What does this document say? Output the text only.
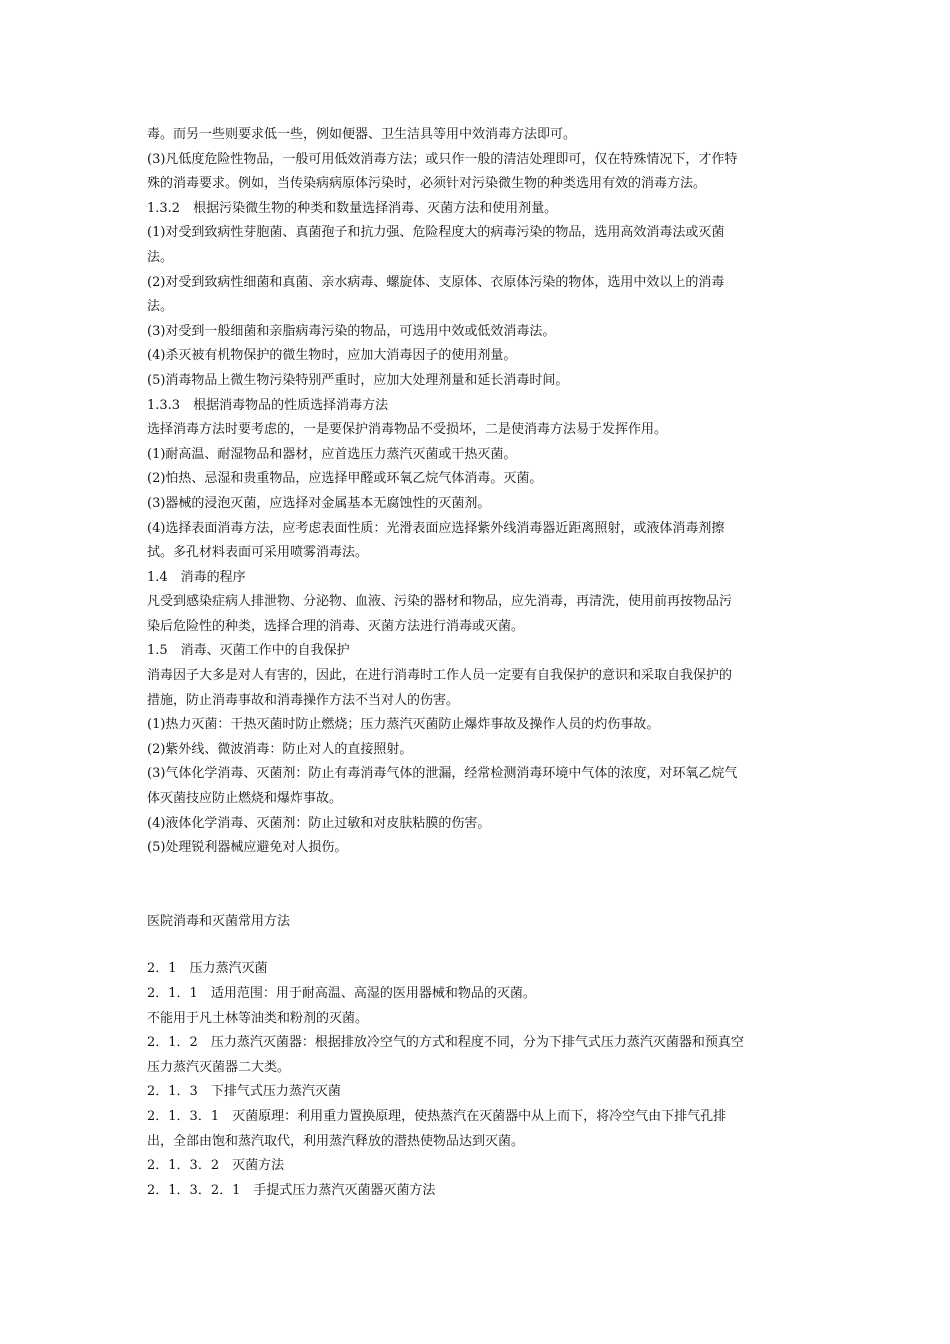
毒。而另一些则要求低一些，例如便器、卫生洁具等用中效消毒方法即可。
(3)凡低度危险性物品，一般可用低效消毒方法；或只作一般的清洁处理即可，仅在特殊情况下，才作特
殊的消毒要求。例如，当传染病病原体污染时，必须针对污染微生物的种类选用有效的消毒方法。
1.3.2　根据污染微生物的种类和数量选择消毒、灭菌方法和使用剂量。
(1)对受到致病性芽胞菌、真菌孢子和抗力强、危险程度大的病毒污染的物品，选用高效消毒法或灭菌
法。
(2)对受到致病性细菌和真菌、亲水病毒、螺旋体、支原体、衣原体污染的物体，选用中效以上的消毒
法。
(3)对受到一般细菌和亲脂病毒污染的物品，可选用中效或低效消毒法。
(4)杀灭被有机物保护的微生物时，应加大消毒因子的使用剂量。
(5)消毒物品上微生物污染特别严重时，应加大处理剂量和延长消毒时间。
1.3.3　根据消毒物品的性质选择消毒方法
选择消毒方法时要考虑的，一是要保护消毒物品不受损坏，二是使消毒方法易于发挥作用。
(1)耐高温、耐湿物品和器材，应首选压力蒸汽灭菌或干热灭菌。
(2)怕热、忌湿和贵重物品，应选择甲醛或环氧乙烷气体消毒。灭菌。
(3)器械的浸泡灭菌，应选择对金属基本无腐蚀性的灭菌剂。
(4)选择表面消毒方法，应考虑表面性质：光滑表面应选择紫外线消毒器近距离照射，或液体消毒剂擦
拭。多孔材料表面可采用喷雾消毒法。
1.4　消毒的程序
凡受到感染症病人排泄物、分泌物、血液、污染的器材和物品，应先消毒，再清洗，使用前再按物品污
染后危险性的种类，选择合理的消毒、灭菌方法进行消毒或灭菌。
1.5　消毒、灭菌工作中的自我保护
消毒因子大多是对人有害的，因此，在进行消毒时工作人员一定要有自我保护的意识和采取自我保护的
措施，防止消毒事故和消毒操作方法不当对人的伤害。
(1)热力灭菌：干热灭菌时防止燃烧；压力蒸汽灭菌防止爆炸事故及操作人员的灼伤事故。
(2)紫外线、微波消毒：防止对人的直接照射。
(3)气体化学消毒、灭菌剂：防止有毒消毒气体的泄漏，经常检测消毒环境中气体的浓度，对环氧乙烷气
体灭菌技应防止燃烧和爆炸事故。
(4)液体化学消毒、灭菌剂：防止过敏和对皮肤粘膜的伤害。
(5)处理锐利器械应避免对人损伤。
医院消毒和灭菌常用方法
2．1　压力蒸汽灭菌
2．1．1　适用范围：用于耐高温、高湿的医用器械和物品的灭菌。
不能用于凡土林等油类和粉剂的灭菌。
2．1．2　压力蒸汽灭菌器：根据排放冷空气的方式和程度不同，分为下排气式压力蒸汽灭菌器和预真空
压力蒸汽灭菌器二大类。
2．1．3　下排气式压力蒸汽灭菌
2．1．3．1　灭菌原理：利用重力置换原理，使热蒸汽在灭菌器中从上而下，将冷空气由下排气孔排
出，全部由饱和蒸汽取代，利用蒸汽释放的潜热使物品达到灭菌。
2．1．3．2　灭菌方法
2．1．3．2．1　手提式压力蒸汽灭菌器灭菌方法
